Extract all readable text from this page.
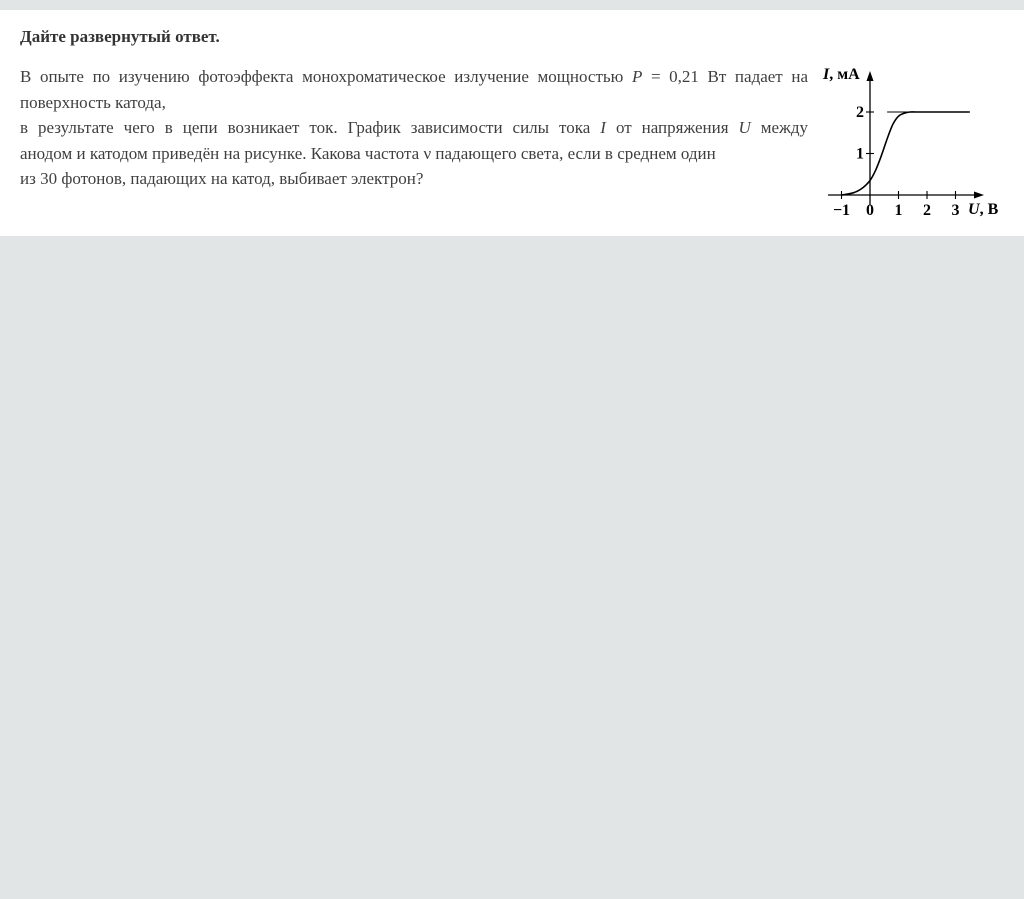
Дайте развернутый ответ.
В опыте по изучению фотоэффекта монохроматическое излучение мощностью P = 0,21 Вт падает на
поверхность катода,
в результате чего в цепи возникает ток. График зависимости силы тока I от напряжения U между
анодом и катодом приведён на рисунке. Какова частота ν падающего света, если в среднем один
из 30 фотонов, падающих на катод, выбивает электрон?
−1 0 1 2 3
1
2
I, мА
U, В
